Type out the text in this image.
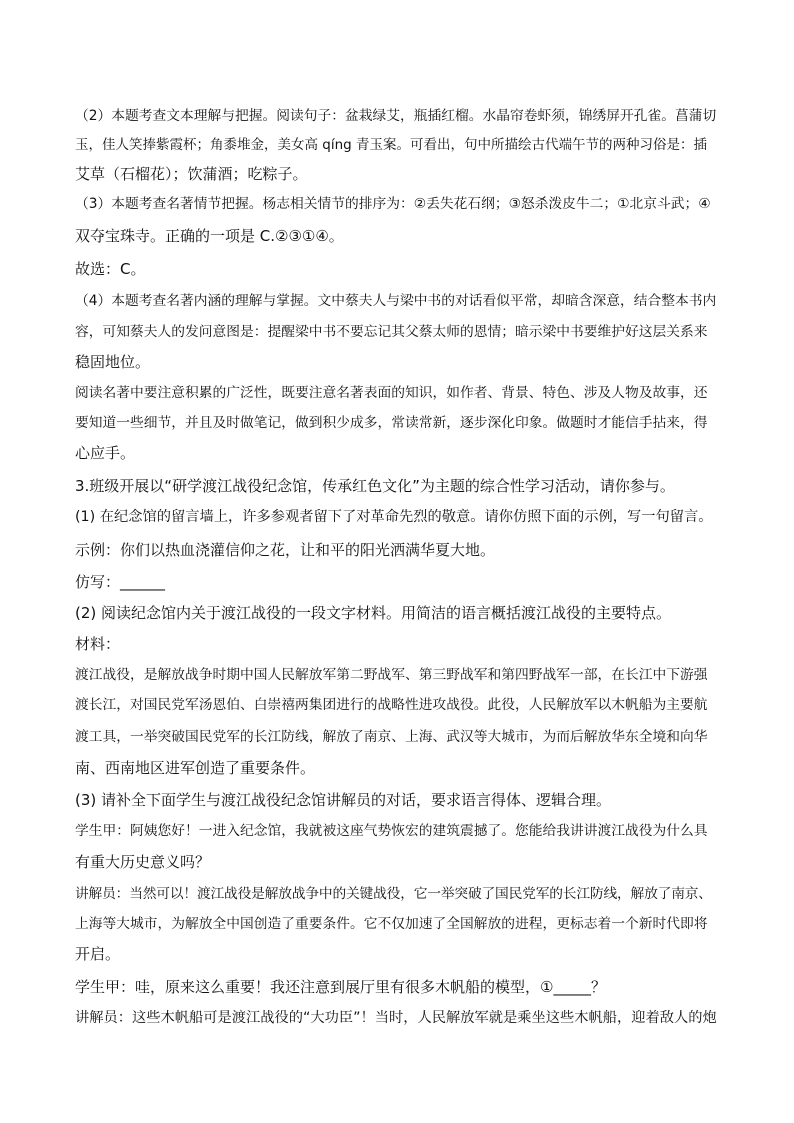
（2）本题考查文本理解与把握。阅读句子：盆栽绿艾，瓶插红榴。水晶帘卷虾须，锦绣屏开孔雀。菖蒲切
玉，佳人笑捧紫霞杯；角黍堆金，美女高 qíng 青玉案。可看出，句中所描绘古代端午节的两种习俗是：插
艾草（石榴花）；饮蒲酒；吃粽子。
（3）本题考查名著情节把握。杨志相关情节的排序为：②丢失花石纲；③怒杀泼皮牛二；①北京斗武；④
双夺宝珠寺。正确的一项是 C.②③①④。
故选：C。
（4）本题考查名著内涵的理解与掌握。文中蔡夫人与梁中书的对话看似平常，却暗含深意，结合整本书内
容，可知蔡夫人的发问意图是：提醒梁中书不要忘记其父蔡太师的恩情；暗示梁中书要维护好这层关系来
稳固地位。
阅读名著中要注意积累的广泛性，既要注意名著表面的知识，如作者、背景、特色、涉及人物及故事，还
要知道一些细节，并且及时做笔记，做到积少成多，常读常新，逐步深化印象。做题时才能信手拈来，得
心应手。
3.班级开展以“研学渡江战役纪念馆，传承红色文化”为主题的综合性学习活动，请你参与。
(1) 在纪念馆的留言墙上，许多参观者留下了对革命先烈的敬意。请你仿照下面的示例，写一句留言。
示例：你们以热血浇灌信仰之花，让和平的阳光洒满华夏大地。
仿写：______
(2) 阅读纪念馆内关于渡江战役的一段文字材料。用简洁的语言概括渡江战役的主要特点。
材料：
渡江战役，是解放战争时期中国人民解放军第二野战军、第三野战军和第四野战军一部，在长江中下游强
渡长江，对国民党军汤恩伯、白崇禧两集团进行的战略性进攻战役。此役，人民解放军以木帆船为主要航
渡工具，一举突破国民党军的长江防线，解放了南京、上海、武汉等大城市，为而后解放华东全境和向华
南、西南地区进军创造了重要条件。
(3) 请补全下面学生与渡江战役纪念馆讲解员的对话，要求语言得体、逻辑合理。
学生甲：阿姨您好！一进入纪念馆，我就被这座气势恢宏的建筑震撼了。您能给我讲讲渡江战役为什么具
有重大历史意义吗？
讲解员：当然可以！渡江战役是解放战争中的关键战役，它一举突破了国民党军的长江防线，解放了南京、
上海等大城市，为解放全中国创造了重要条件。它不仅加速了全国解放的进程，更标志着一个新时代即将
开启。
学生甲：哇，原来这么重要！我还注意到展厅里有很多木帆船的模型，①_____？
讲解员：这些木帆船可是渡江战役的“大功臣”！当时，人民解放军就是乘坐这些木帆船，迎着敌人的炮
